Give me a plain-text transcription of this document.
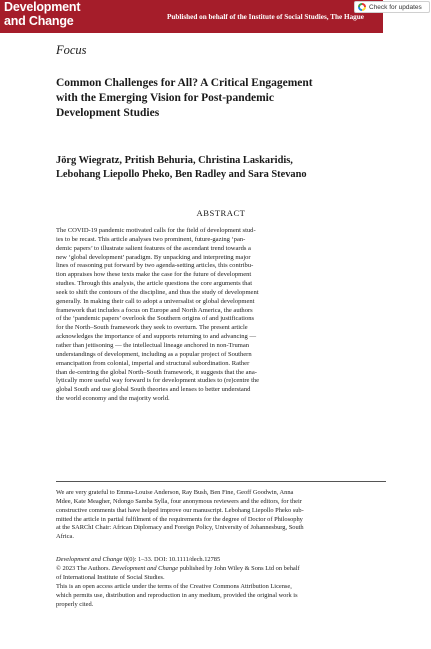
Development
and Change	Published on behalf of the Institute of Social Studies, The Hague
Check for updates
Focus
Common Challenges for All? A Critical Engagement
with the Emerging Vision for Post-pandemic
Development Studies
Jörg Wiegratz, Pritish Behuria, Christina Laskaridis,
Lebohang Liepollo Pheko, Ben Radley and Sara Stevano
ABSTRACT
The COVID-19 pandemic motivated calls for the field of development stud-
ies to be recast. This article analyses two prominent, future-gazing ‘pan-
demic papers’ to illustrate salient features of the ascendant trend towards a
new ‘global development’ paradigm. By unpacking and interpreting major
lines of reasoning put forward by two agenda-setting articles, this contribu-
tion appraises how these texts make the case for the future of development
studies. Through this analysis, the article questions the core arguments that
seek to shift the contours of the discipline, and thus the study of development
generally. In making their call to adopt a universalist or global development
framework that includes a focus on Europe and North America, the authors
of the ‘pandemic papers’ overlook the Southern origins of and justifications
for the North–South framework they seek to overturn. The present article
acknowledges the importance of and supports returning to and advancing —
rather than jettisoning — the intellectual lineage anchored in non-Truman
understandings of development, including as a popular project of Southern
emancipation from colonial, imperial and structural subordination. Rather
than de-centring the global North–South framework, it suggests that the ana-
lytically more useful way forward is for development studies to (re)centre the
global South and use global South theories and lenses to better understand
the world economy and the majority world.
We are very grateful to Emma-Louise Anderson, Ray Bush, Ben Fine, Geoff Goodwin, Anna
Mdee, Kate Meagher, Ndongo Samba Sylla, four anonymous reviewers and the editors, for their
constructive comments that have helped improve our manuscript. Lebohang Liepollo Pheko sub-
mitted the article in partial fulfilment of the requirements for the degree of Doctor of Philosophy
at the SARChI Chair: African Diplomacy and Foreign Policy, University of Johannesburg, South
Africa.
Development and Change 0(0): 1–33. DOI: 10.1111/dech.12785
© 2023 The Authors. Development and Change published by John Wiley & Sons Ltd on behalf
of International Institute of Social Studies.
This is an open access article under the terms of the Creative Commons Attribution License,
which permits use, distribution and reproduction in any medium, provided the original work is
properly cited.
